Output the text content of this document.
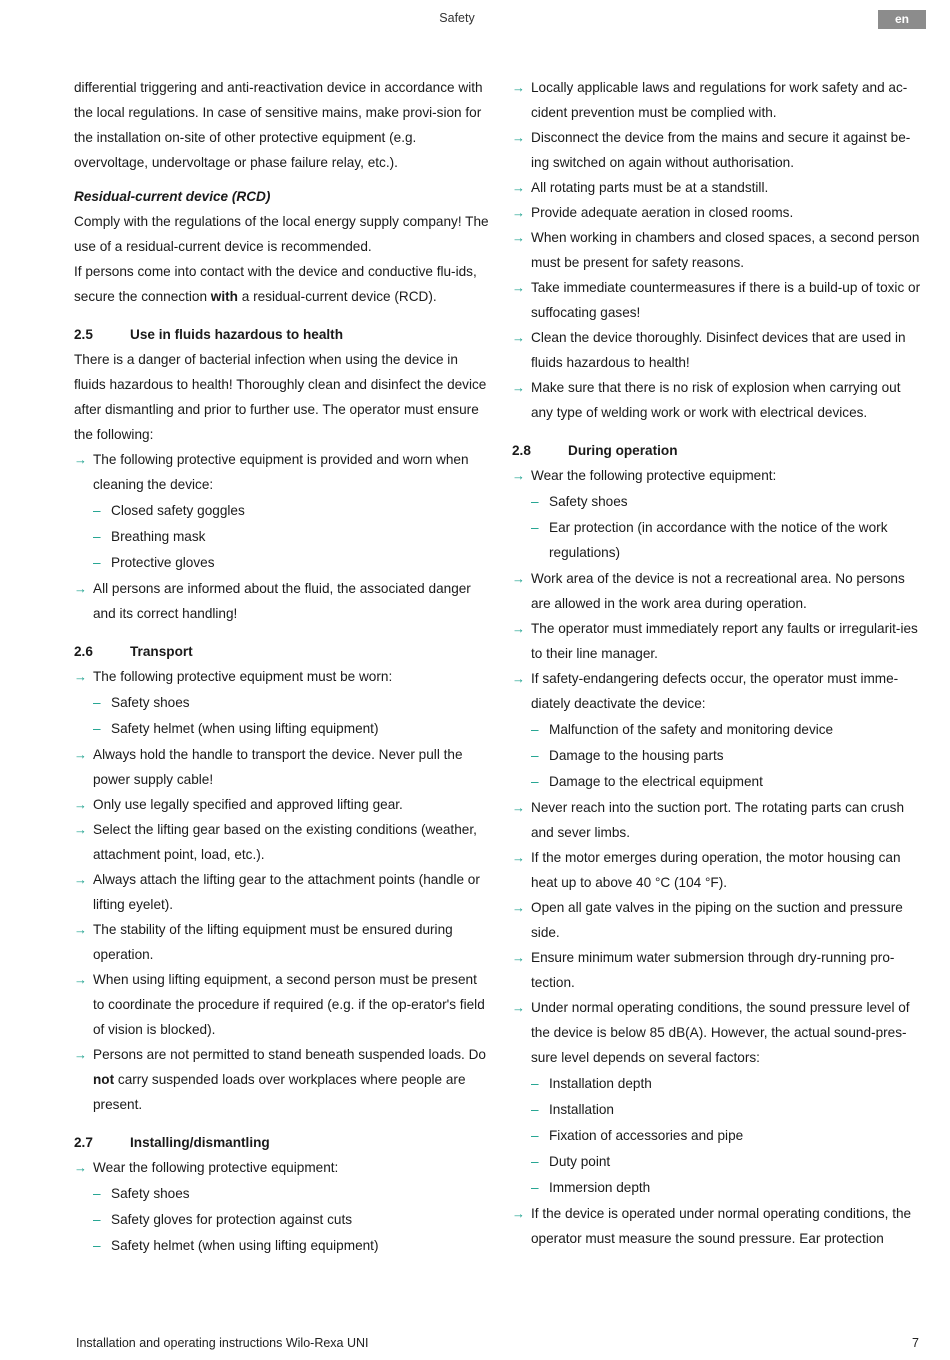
Safety	en

differential triggering and anti-reactivation device in accordance with the local regulations. In case of sensitive mains, make provi-sion for the installation on-site of other protective equipment (e.g. overvoltage, undervoltage or phase failure relay, etc.).

Residual-current device (RCD)

Comply with the regulations of the local energy supply company! The use of a residual-current device is recommended.

If persons come into contact with the device and conductive flu-ids, secure the connection with a residual-current device (RCD).

2.5	Use in fluids hazardous to health

There is a danger of bacterial infection when using the device in fluids hazardous to health! Thoroughly clean and disinfect the device after dismantling and prior to further use. The operator must ensure the following:

→ The following protective equipment is provided and worn when cleaning the device:
– Closed safety goggles
– Breathing mask
– Protective gloves
→ All persons are informed about the fluid, the associated danger and its correct handling!
2.6	Transport
→ The following protective equipment must be worn:
– Safety shoes
– Safety helmet (when using lifting equipment)
→ Always hold the handle to transport the device. Never pull the power supply cable!
→ Only use legally specified and approved lifting gear.
→ Select the lifting gear based on the existing conditions (weather, attachment point, load, etc.).
→ Always attach the lifting gear to the attachment points (handle or lifting eyelet).
→ The stability of the lifting equipment must be ensured during operation.
→ When using lifting equipment, a second person must be present to coordinate the procedure if required (e.g. if the op-erator's field of vision is blocked).
→ Persons are not permitted to stand beneath suspended loads. Do not carry suspended loads over workplaces where people are present.
2.7	Installing/dismantling
→ Wear the following protective equipment:
– Safety shoes
– Safety gloves for protection against cuts
– Safety helmet (when using lifting equipment)
→ Locally applicable laws and regulations for work safety and ac-cident prevention must be complied with.
→ Disconnect the device from the mains and secure it against be-ing switched on again without authorisation.
→ All rotating parts must be at a standstill.
→ Provide adequate aeration in closed rooms.
→ When working in chambers and closed spaces, a second person must be present for safety reasons.
→ Take immediate countermeasures if there is a build-up of toxic or suffocating gases!
→ Clean the device thoroughly. Disinfect devices that are used in fluids hazardous to health!
→ Make sure that there is no risk of explosion when carrying out any type of welding work or work with electrical devices.
2.8	During operation
→ Wear the following protective equipment:
– Safety shoes
– Ear protection (in accordance with the notice of the work regulations)
→ Work area of the device is not a recreational area. No persons are allowed in the work area during operation.
→ The operator must immediately report any faults or irregularit-ies to their line manager.
→ If safety-endangering defects occur, the operator must imme-diately deactivate the device:
– Malfunction of the safety and monitoring device
– Damage to the housing parts
– Damage to the electrical equipment
→ Never reach into the suction port. The rotating parts can crush and sever limbs.
→ If the motor emerges during operation, the motor housing can heat up to above 40 °C (104 °F).
→ Open all gate valves in the piping on the suction and pressure side.
→ Ensure minimum water submersion through dry-running pro-tection.
→ Under normal operating conditions, the sound pressure level of the device is below 85 dB(A). However, the actual sound-pres-sure level depends on several factors:
– Installation depth
– Installation
– Fixation of accessories and pipe
– Duty point
– Immersion depth
→ If the device is operated under normal operating conditions, the operator must measure the sound pressure. Ear protection
Installation and operating instructions Wilo-Rexa UNI	7
